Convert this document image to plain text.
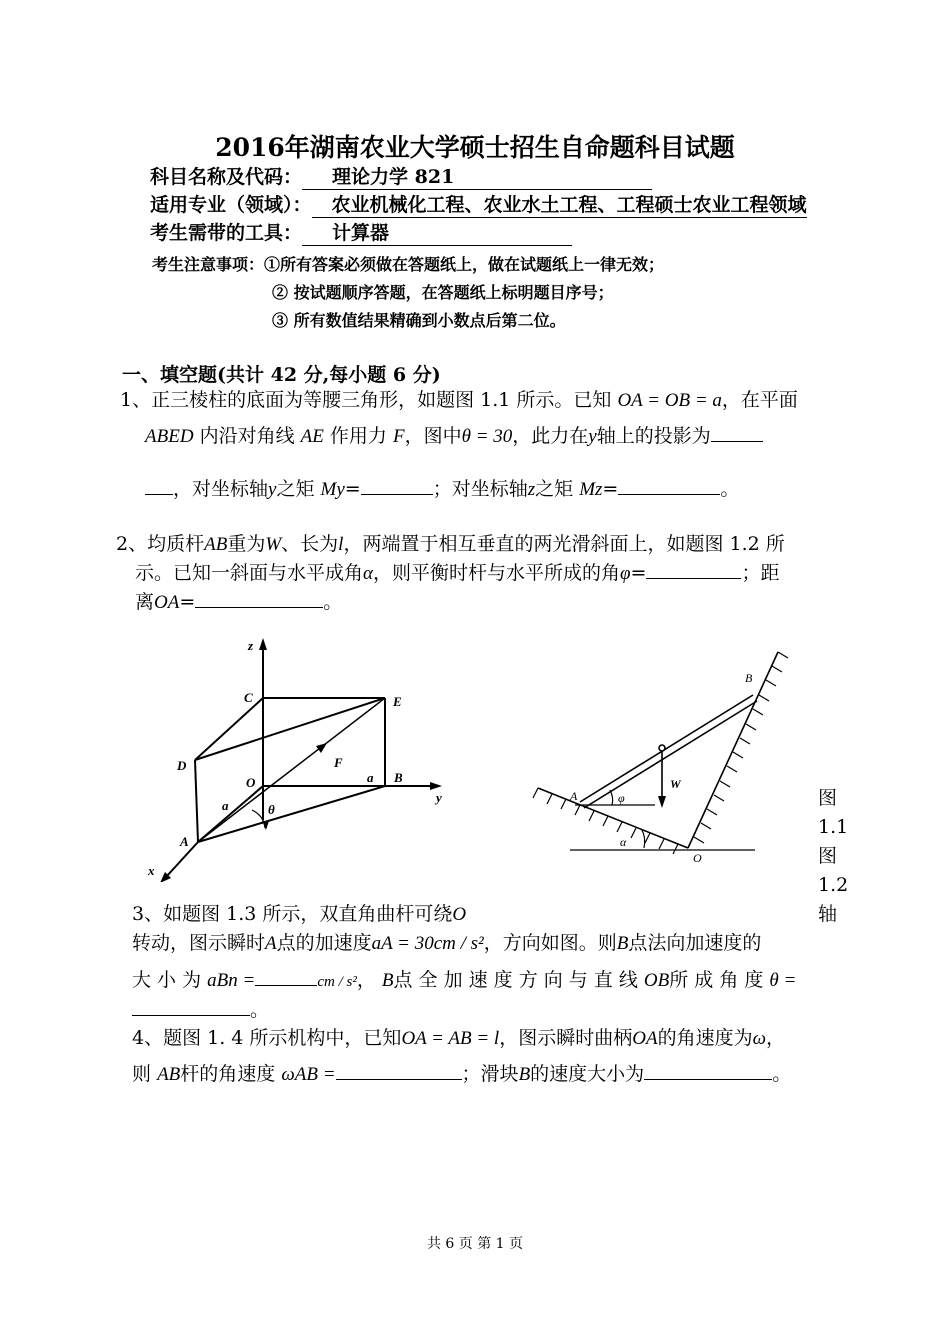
2016年湖南农业大学硕士招生自命题科目试题
科目名称及代码： 理论力学 821
适用专业（领域）： 农业机械化工程、农业水土工程、工程硕士农业工程领域
考生需带的工具： 计算器
考生注意事项：①所有答案必须做在答题纸上，做在试题纸上一律无效；
② 按试题顺序答题，在答题纸上标明题目序号；
③ 所有数值结果精确到小数点后第二位。
一、填空题(共计 42 分,每小题 6 分)
1、正三棱柱的底面为等腰三角形，如题图 1.1 所示。已知 OA = OB = a，在平面
ABED 内沿对角线 AE 作用力 F，图中θ = 30，此力在y轴上的投影为
，对坐标轴y之矩 My=	；对坐标轴z之矩 Mz=	。
2、均质杆AB重为W、长为l，两端置于相互垂直的两光滑斜面上，如题图 1.2 所
示。已知一斜面与水平成角α，则平衡时杆与水平所成的角φ=	；距
离OA=	。
z
y
x
C	E
D
O
F
a
B
a
θ
A
B
W
A	φ
α
O
图
1.1
图
1.2
轴
3、如题图 1.3 所示，双直角曲杆可绕O
转动，图示瞬时A点的加速度aA = 30cm / s²，方向如图。则B点法向加速度的
大 小 为 aBn =	cm / s²， B点 全 加 速 度 方 向 与 直 线 OB所 成 角 度 θ =
。
4、题图 1. 4 所示机构中，已知OA = AB = l，图示瞬时曲柄OA的角速度为ω，
则 AB杆的角速度 ωAB =	；滑块B的速度大小为	。
共 6 页 第 1 页
